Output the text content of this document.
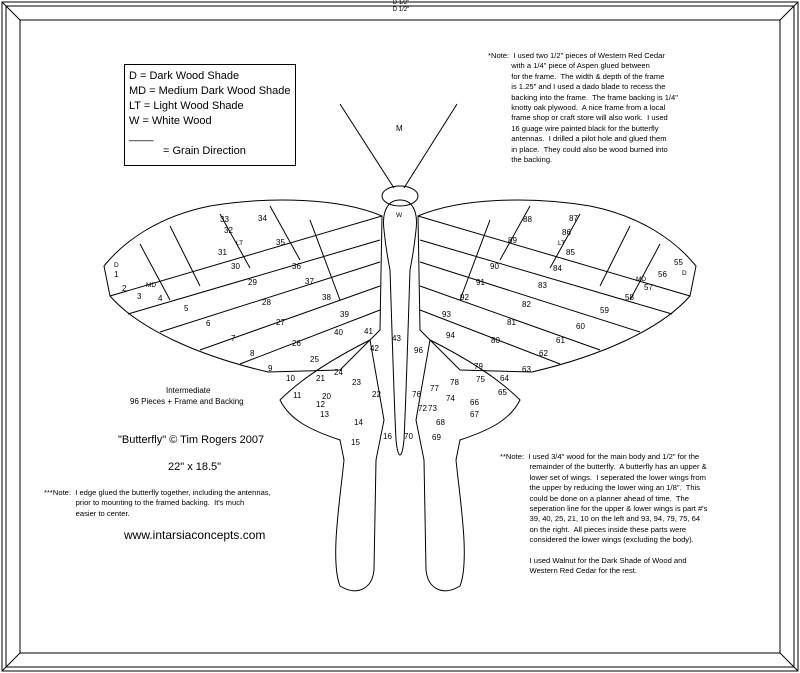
D 1/2"
D 1/2"
D = Dark Wood Shade
MD = Medium Dark Wood Shade
LT = Light Wood Shade
W = White Wood
____
= Grain Direction
M
*Note:  I used two 1/2" pieces of Western Red Cedar
with a 1/4" piece of Aspen glued between
for the frame.  The width & depth of the frame
is 1.25" and I used a dado blade to recess the
backing into the frame.  The frame backing is 1/4"
knotty oak plywood.  A nice frame from a local
frame shop or craft store will also work.  I used
16 guage wire painted black for the butterfly
antennas.  I drilled a pilot hole and glued them
in place.  They could also be wood burned into
the backing.
1
2
3 4
5
6
7
8
9
10
11
12
13
14
15
16
20
21
22
23
24
25
26
27
28
29
30
31
32
33	34
35
36
37
38
39
40	41
42
43
55
56
57
58
59
60
61
62
63
64
65
66
67
68
69
70
72 73
74
75
76
77
78
79
80
81
82
83
84
85
86
87
88
89
90
91
92
93
94
96
D
MD
LT
W
D
MD
LT
Intermediate
96 Pieces + Frame and Backing
"Butterfly" © Tim Rogers 2007
22" x 18.5"
***Note:  I edge glued the butterfly together, including the antennas,
prior to mounting to the framed backing.  It's much
easier to center.
www.intarsiaconcepts.com
**Note:  I used 3/4" wood for the main body and 1/2" for the
remainder of the butterfly.  A butterfly has an upper &
lower set of wings.  I seperated the lower wings from
the upper by reducing the lower wing an 1/8".  This
could be done on a planner ahead of time.  The
seperation line for the upper & lower wings is part #'s
39, 40, 25, 21, 10 on the left and 93, 94, 79, 75, 64
on the right.  All pieces inside these parts were
considered the lower wings (excluding the body).

I used Walnut for the Dark Shade of Wood and
Western Red Cedar for the rest.
